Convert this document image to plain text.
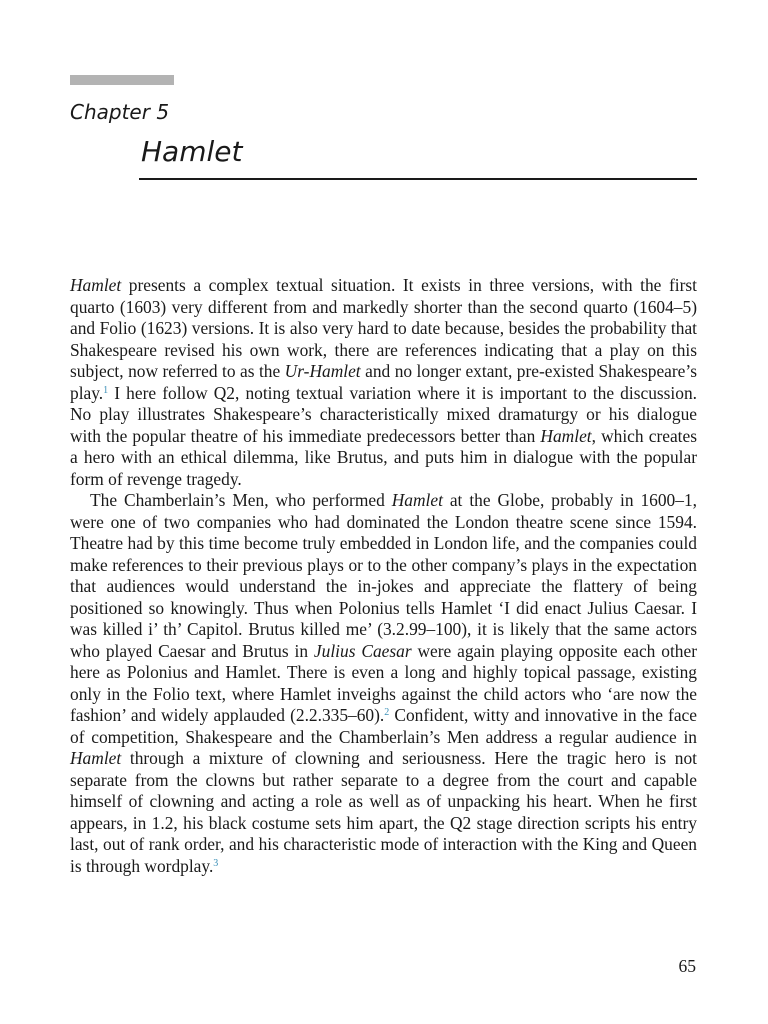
Chapter 5
Hamlet

Hamlet presents a complex textual situation. It exists in three versions, with the first quarto (1603) very different from and markedly shorter than the second quarto (1604–5) and Folio (1623) versions. It is also very hard to date because, besides the probability that Shakespeare revised his own work, there are references indicating that a play on this subject, now referred to as the Ur-Hamlet and no longer extant, pre-existed Shakespeare’s play.$^1$ I here follow Q2, noting textual variation where it is important to the discussion. No play illustrates Shakespeare’s characteristically mixed dramaturgy or his dialogue with the popular theatre of his immediate predecessors better than Hamlet, which creates a hero with an ethical dilemma, like Brutus, and puts him in dialogue with the popular form of revenge tragedy.

The Chamberlain’s Men, who performed Hamlet at the Globe, probably in 1600–1, were one of two companies who had dominated the London theatre scene since 1594. Theatre had by this time become truly embedded in London life, and the companies could make references to their previous plays or to the other company’s plays in the expectation that audiences would understand the in-jokes and appreciate the flattery of being positioned so knowingly. Thus when Polonius tells Hamlet ‘I did enact Julius Caesar. I was killed i’ th’ Capitol. Brutus killed me’ (3.2.99–100), it is likely that the same actors who played Caesar and Brutus in Julius Caesar were again playing opposite each other here as Polonius and Hamlet. There is even a long and highly topical passage, existing only in the Folio text, where Hamlet inveighs against the child actors who ‘are now the fashion’ and widely applauded (2.2.335–60).$^2$ Confident, witty and innovative in the face of competition, Shakespeare and the Chamberlain’s Men address a regular audience in Hamlet through a mixture of clowning and seriousness. Here the tragic hero is not separate from the clowns but rather separate to a degree from the court and capable himself of clowning and acting a role as well as of unpacking his heart. When he first appears, in 1.2, his black costume sets him apart, the Q2 stage direction scripts his entry last, out of rank order, and his characteristic mode of interaction with the King and Queen is through wordplay.$^3$

65
